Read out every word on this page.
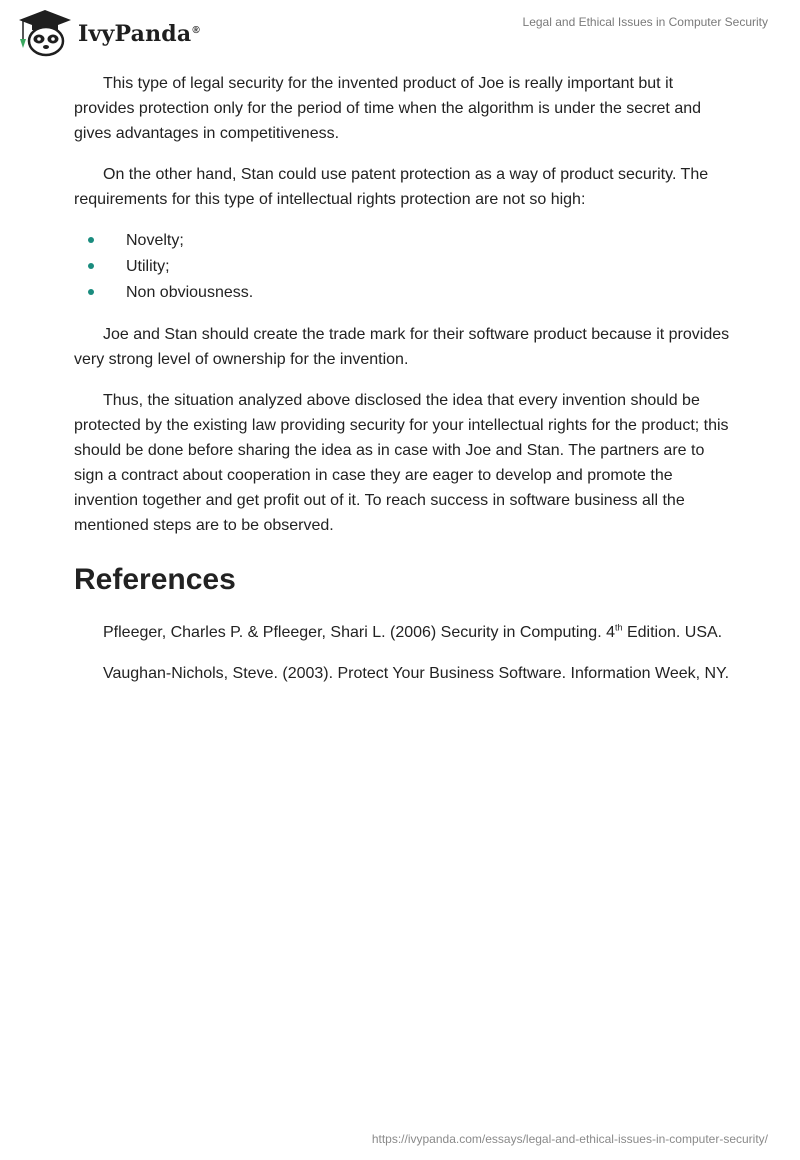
IvyPanda®
Legal and Ethical Issues in Computer Security

This type of legal security for the invented product of Joe is really important but it provides protection only for the period of time when the algorithm is under the secret and gives advantages in competitiveness.

On the other hand, Stan could use patent protection as a way of product security. The requirements for this type of intellectual rights protection are not so high:

Novelty;
Utility;
Non obviousness.

Joe and Stan should create the trade mark for their software product because it provides very strong level of ownership for the invention.

Thus, the situation analyzed above disclosed the idea that every invention should be protected by the existing law providing security for your intellectual rights for the product; this should be done before sharing the idea as in case with Joe and Stan. The partners are to sign a contract about cooperation in case they are eager to develop and promote the invention together and get profit out of it. To reach success in software business all the mentioned steps are to be observed.

References

Pfleeger, Charles P. & Pfleeger, Shari L. (2006) Security in Computing. 4th Edition. USA.

Vaughan-Nichols, Steve. (2003). Protect Your Business Software. Information Week, NY.

https://ivypanda.com/essays/legal-and-ethical-issues-in-computer-security/
